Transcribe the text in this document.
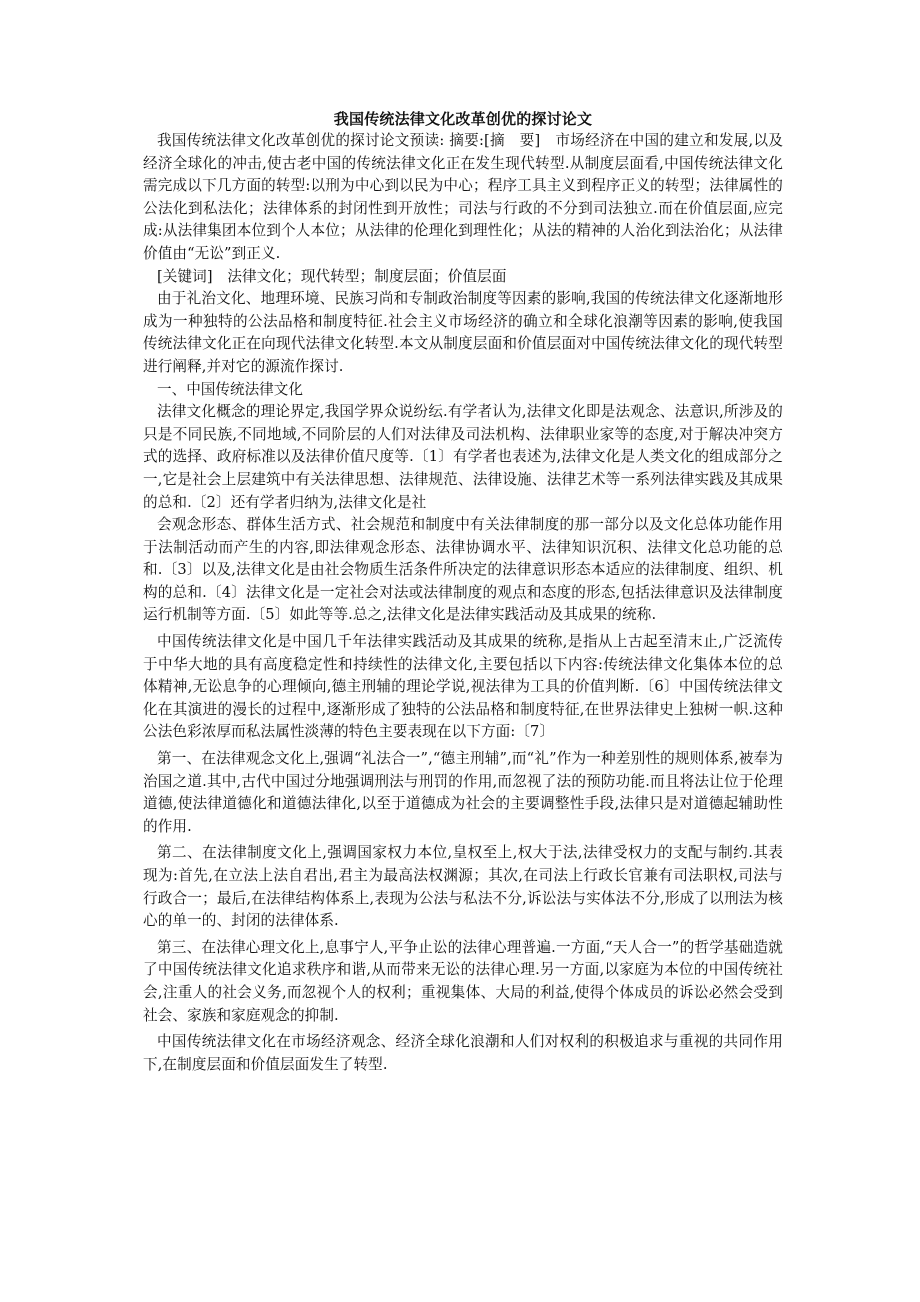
我国传统法律文化改革创优的探讨论文

我国传统法律文化改革创优的探讨论文预读: 摘要:[摘　要]　市场经济在中国的建立和发展,以及经济全球化的冲击,使古老中国的传统法律文化正在发生现代转型.从制度层面看,中国传统法律文化需完成以下几方面的转型:以刑为中心到以民为中心；程序工具主义到程序正义的转型；法律属性的公法化到私法化；法律体系的封闭性到开放性；司法与行政的不分到司法独立.而在价值层面,应完成:从法律集团本位到个人本位；从法律的伦理化到理性化；从法的精神的人治化到法治化；从法律价值由“无讼”到正义.

[关键词]　法律文化；现代转型；制度层面；价值层面

由于礼治文化、地理环境、民族习尚和专制政治制度等因素的影响,我国的传统法律文化逐渐地形成为一种独特的公法品格和制度特征.社会主义市场经济的确立和全球化浪潮等因素的影响,使我国传统法律文化正在向现代法律文化转型.本文从制度层面和价值层面对中国传统法律文化的现代转型进行阐释,并对它的源流作探讨.

一、中国传统法律文化

法律文化概念的理论界定,我国学界众说纷纭.有学者认为,法律文化即是法观念、法意识,所涉及的只是不同民族,不同地域,不同阶层的人们对法律及司法机构、法律职业家等的态度,对于解决冲突方式的选择、政府标准以及法律价值尺度等.〔1〕有学者也表述为,法律文化是人类文化的组成部分之一,它是社会上层建筑中有关法律思想、法律规范、法律设施、法律艺术等一系列法律实践及其成果的总和.〔2〕还有学者归纳为,法律文化是社

会观念形态、群体生活方式、社会规范和制度中有关法律制度的那一部分以及文化总体功能作用于法制活动而产生的内容,即法律观念形态、法律协调水平、法律知识沉积、法律文化总功能的总和.〔3〕以及,法律文化是由社会物质生活条件所决定的法律意识形态本适应的法律制度、组织、机构的总和.〔4〕法律文化是一定社会对法或法律制度的观点和态度的形态,包括法律意识及法律制度运行机制等方面.〔5〕如此等等.总之,法律文化是法律实践活动及其成果的统称.

中国传统法律文化是中国几千年法律实践活动及其成果的统称,是指从上古起至清末止,广泛流传于中华大地的具有高度稳定性和持续性的法律文化,主要包括以下内容:传统法律文化集体本位的总体精神,无讼息争的心理倾向,德主刑辅的理论学说,视法律为工具的价值判断.〔6〕中国传统法律文化在其演进的漫长的过程中,逐渐形成了独特的公法品格和制度特征,在世界法律史上独树一帜.这种公法色彩浓厚而私法属性淡薄的特色主要表现在以下方面:〔7〕

第一、在法律观念文化上,强调“礼法合一”,“德主刑辅”,而“礼”作为一种差别性的规则体系,被奉为治国之道.其中,古代中国过分地强调刑法与刑罚的作用,而忽视了法的预防功能.而且将法让位于伦理道德,使法律道德化和道德法律化,以至于道德成为社会的主要调整性手段,法律只是对道德起辅助性的作用.

第二、在法律制度文化上,强调国家权力本位,皇权至上,权大于法,法律受权力的支配与制约.其表现为:首先,在立法上法自君出,君主为最高法权渊源；其次,在司法上行政长官兼有司法职权,司法与行政合一；最后,在法律结构体系上,表现为公法与私法不分,诉讼法与实体法不分,形成了以刑法为核心的单一的、封闭的法律体系.

第三、在法律心理文化上,息事宁人,平争止讼的法律心理普遍.一方面,“天人合一”的哲学基础造就了中国传统法律文化追求秩序和谐,从而带来无讼的法律心理.另一方面,以家庭为本位的中国传统社会,注重人的社会义务,而忽视个人的权利；重视集体、大局的利益,使得个体成员的诉讼必然会受到社会、家族和家庭观念的抑制.

中国传统法律文化在市场经济观念、经济全球化浪潮和人们对权利的积极追求与重视的共同作用下,在制度层面和价值层面发生了转型.
